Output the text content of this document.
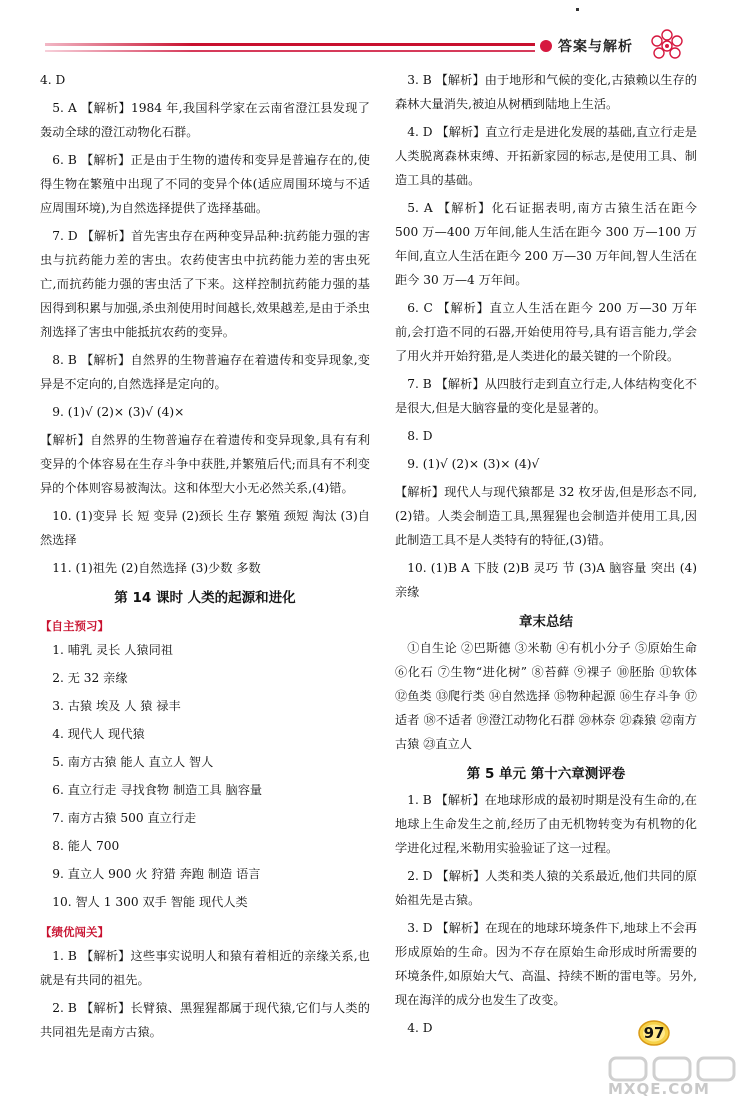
答案与解析
4. D
5. A 【解析】1984 年,我国科学家在云南省澄江县发现了轰动全球的澄江动物化石群。
6. B 【解析】正是由于生物的遗传和变异是普遍存在的,使得生物在繁殖中出现了不同的变异个体(适应周围环境与不适应周围环境),为自然选择提供了选择基础。
7. D 【解析】首先害虫存在两种变异品种:抗药能力强的害虫与抗药能力差的害虫。农药使害虫中抗药能力差的害虫死亡,而抗药能力强的害虫活了下来。这样控制抗药能力强的基因得到积累与加强,杀虫剂使用时间越长,效果越差,是由于杀虫剂选择了害虫中能抵抗农药的变异。
8. B 【解析】自然界的生物普遍存在着遗传和变异现象,变异是不定向的,自然选择是定向的。
9. (1)√ (2)× (3)√ (4)×
【解析】自然界的生物普遍存在着遗传和变异现象,具有有利变异的个体容易在生存斗争中获胜,并繁殖后代;而具有不利变异的个体则容易被淘汰。这和体型大小无必然关系,(4)错。
10. (1)变异 长 短 变异 (2)颈长 生存 繁殖 颈短 淘汰 (3)自然选择
11. (1)祖先 (2)自然选择 (3)少数 多数
第 14 课时 人类的起源和进化
【自主预习】
1. 哺乳 灵长 人猿同祖
2. 无 32 亲缘
3. 古猿 埃及 人 猿 禄丰
4. 现代人 现代猿
5. 南方古猿 能人 直立人 智人
6. 直立行走 寻找食物 制造工具 脑容量
7. 南方古猿 500 直立行走
8. 能人 700
9. 直立人 900 火 狩猎 奔跑 制造 语言
10. 智人 1 300 双手 智能 现代人类
【绩优闯关】
1. B 【解析】这些事实说明人和猿有着相近的亲缘关系,也就是有共同的祖先。
2. B 【解析】长臂猿、黑猩猩都属于现代猿,它们与人类的共同祖先是南方古猿。
3. B 【解析】由于地形和气候的变化,古猿赖以生存的森林大量消失,被迫从树栖到陆地上生活。
4. D 【解析】直立行走是进化发展的基础,直立行走是人类脱离森林束缚、开拓新家园的标志,是使用工具、制造工具的基础。
5. A 【解析】化石证据表明,南方古猿生活在距今 500 万—400 万年间,能人生活在距今 300 万—100 万年间,直立人生活在距今 200 万—30 万年间,智人生活在距今 30 万—4 万年间。
6. C 【解析】直立人生活在距今 200 万—30 万年前,会打造不同的石器,开始使用符号,具有语言能力,学会了用火并开始狩猎,是人类进化的最关键的一个阶段。
7. B 【解析】从四肢行走到直立行走,人体结构变化不是很大,但是大脑容量的变化是显著的。
8. D
9. (1)√ (2)× (3)× (4)√
【解析】现代人与现代猿都是 32 枚牙齿,但是形态不同,(2)错。人类会制造工具,黑猩猩也会制造并使用工具,因此制造工具不是人类特有的特征,(3)错。
10. (1)B A 下肢 (2)B 灵巧 节 (3)A 脑容量 突出 (4)亲缘
章末总结
①自生论 ②巴斯德 ③米勒 ④有机小分子 ⑤原始生命 ⑥化石 ⑦生物“进化树” ⑧苔藓 ⑨裸子 ⑩胚胎 ⑪软体 ⑫鱼类 ⑬爬行类 ⑭自然选择 ⑮物种起源 ⑯生存斗争 ⑰适者 ⑱不适者 ⑲澄江动物化石群 ⑳林奈 ㉑森猿 ㉒南方古猿 ㉓直立人
第 5 单元 第十六章测评卷
1. B 【解析】在地球形成的最初时期是没有生命的,在地球上生命发生之前,经历了由无机物转变为有机物的化学进化过程,米勒用实验验证了这一过程。
2. D 【解析】人类和类人猿的关系最近,他们共同的原始祖先是古猿。
3. D 【解析】在现在的地球环境条件下,地球上不会再形成原始的生命。因为不存在原始生命形成时所需要的环境条件,如原始大气、高温、持续不断的雷电等。另外,现在海洋的成分也发生了改变。
4. D	97
MXQE.COM
